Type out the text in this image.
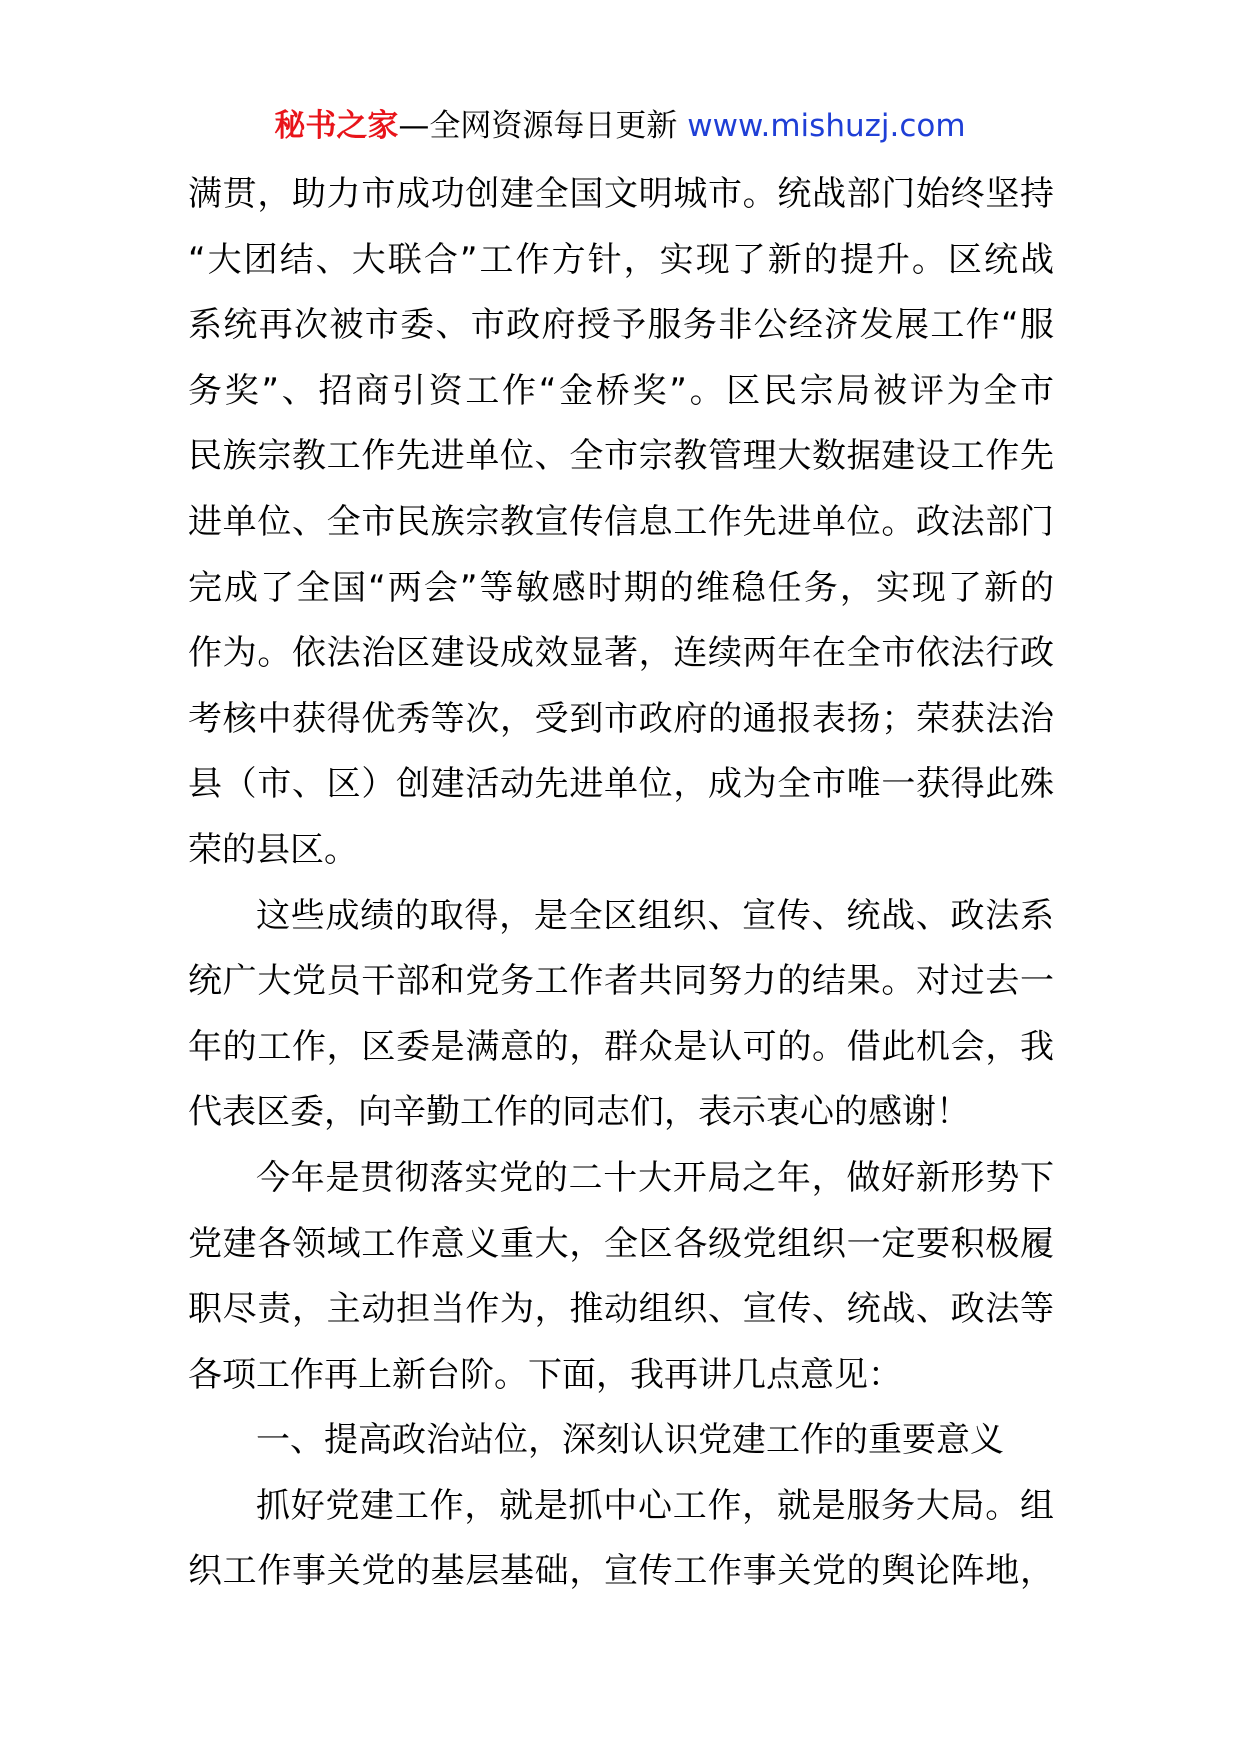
秘书之家—全网资源每日更新 www.mishuzj.com
满贯，助力市成功创建全国文明城市。统战部门始终坚持
“大团结、大联合”工作方针，实现了新的提升。区统战
系统再次被市委、市政府授予服务非公经济发展工作“服
务奖”、招商引资工作“金桥奖”。区民宗局被评为全市
民族宗教工作先进单位、全市宗教管理大数据建设工作先
进单位、全市民族宗教宣传信息工作先进单位。政法部门
完成了全国“两会”等敏感时期的维稳任务，实现了新的
作为。依法治区建设成效显著，连续两年在全市依法行政
考核中获得优秀等次，受到市政府的通报表扬；荣获法治
县（市、区）创建活动先进单位，成为全市唯一获得此殊
荣的县区。
这些成绩的取得，是全区组织、宣传、统战、政法系
统广大党员干部和党务工作者共同努力的结果。对过去一
年的工作，区委是满意的，群众是认可的。借此机会，我
代表区委，向辛勤工作的同志们，表示衷心的感谢！
今年是贯彻落实党的二十大开局之年，做好新形势下
党建各领域工作意义重大，全区各级党组织一定要积极履
职尽责，主动担当作为，推动组织、宣传、统战、政法等
各项工作再上新台阶。下面，我再讲几点意见：
一、提高政治站位，深刻认识党建工作的重要意义
抓好党建工作，就是抓中心工作，就是服务大局。组
织工作事关党的基层基础，宣传工作事关党的舆论阵地，
